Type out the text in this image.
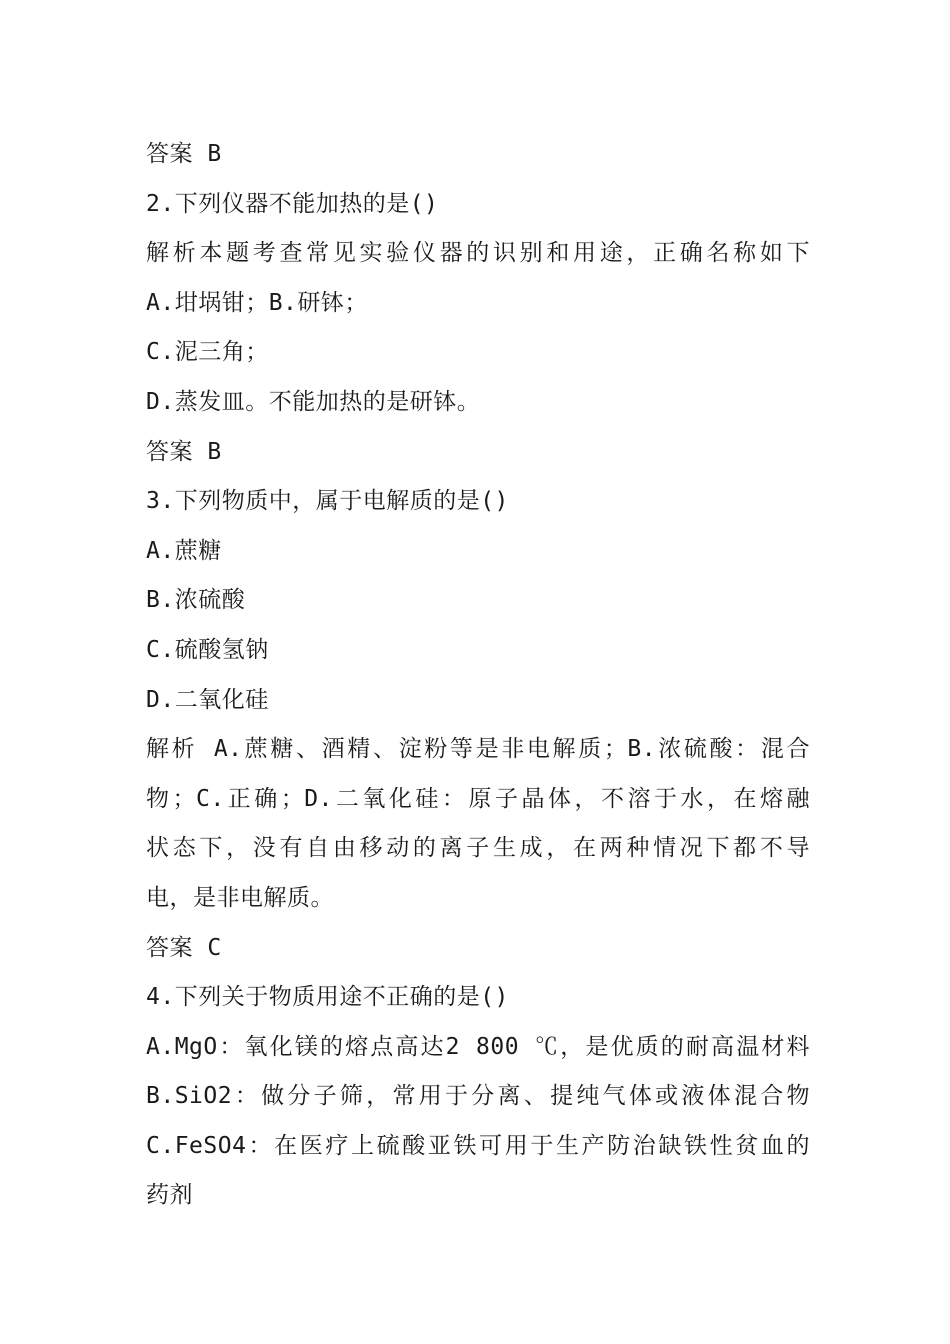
答案 B
2.下列仪器不能加热的是()
解析本题考查常见实验仪器的识别和用途，正确名称如下
A.坩埚钳；B.研钵；
C.泥三角；
D.蒸发皿。不能加热的是研钵。
答案 B
3.下列物质中，属于电解质的是()
A.蔗糖
B.浓硫酸
C.硫酸氢钠
D.二氧化硅
解析 A.蔗糖、酒精、淀粉等是非电解质；B.浓硫酸：混合
物；C.正确；D.二氧化硅：原子晶体，不溶于水，在熔融
状态下，没有自由移动的离子生成，在两种情况下都不导
电，是非电解质。
答案 C
4.下列关于物质用途不正确的是()
A.MgO：氧化镁的熔点高达2 800 ℃，是优质的耐高温材料
B.SiO2：做分子筛，常用于分离、提纯气体或液体混合物
C.FeSO4：在医疗上硫酸亚铁可用于生产防治缺铁性贫血的
药剂
